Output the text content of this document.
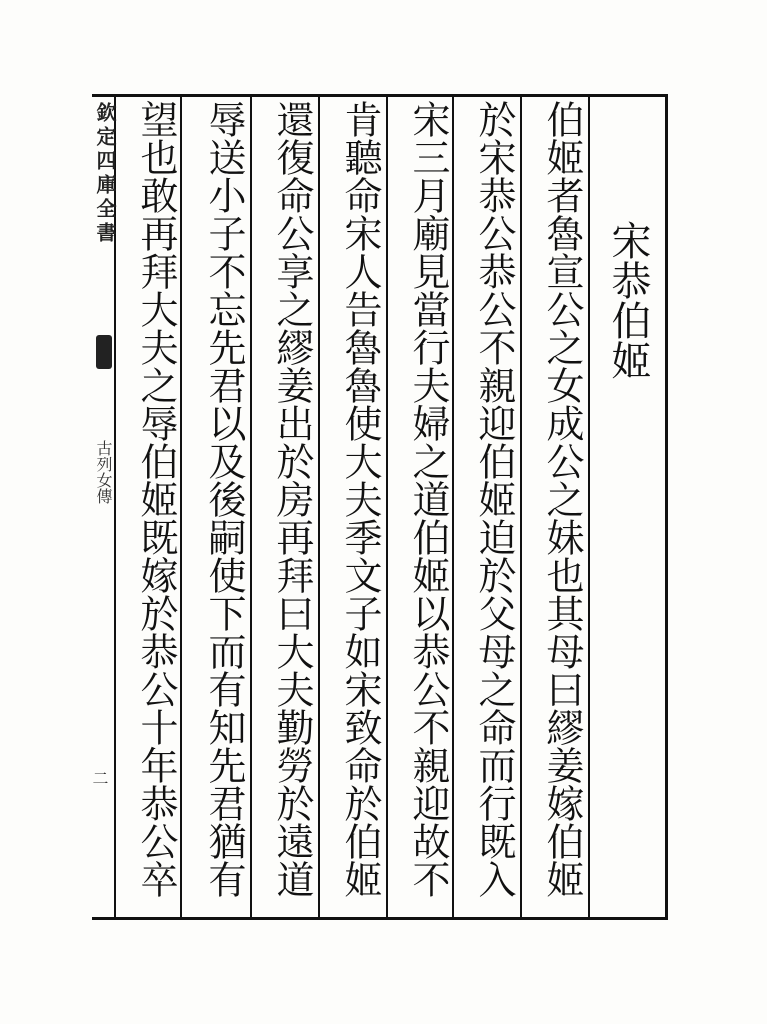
欽定四庫全書
古列女傳
二
宋恭伯姬
伯姬者魯宣公之女成公之妹也其母曰繆姜嫁伯姬
於宋恭公恭公不親迎伯姬迫於父母之命而行既入
宋三月廟見當行夫婦之道伯姬以恭公不親迎故不
肯聽命宋人告魯魯使大夫季文子如宋致命於伯姬
還復命公享之繆姜出於房再拜曰大夫勤勞於遠道
辱送小子不忘先君以及後嗣使下而有知先君猶有
望也敢再拜大夫之辱伯姬既嫁於恭公十年恭公卒
